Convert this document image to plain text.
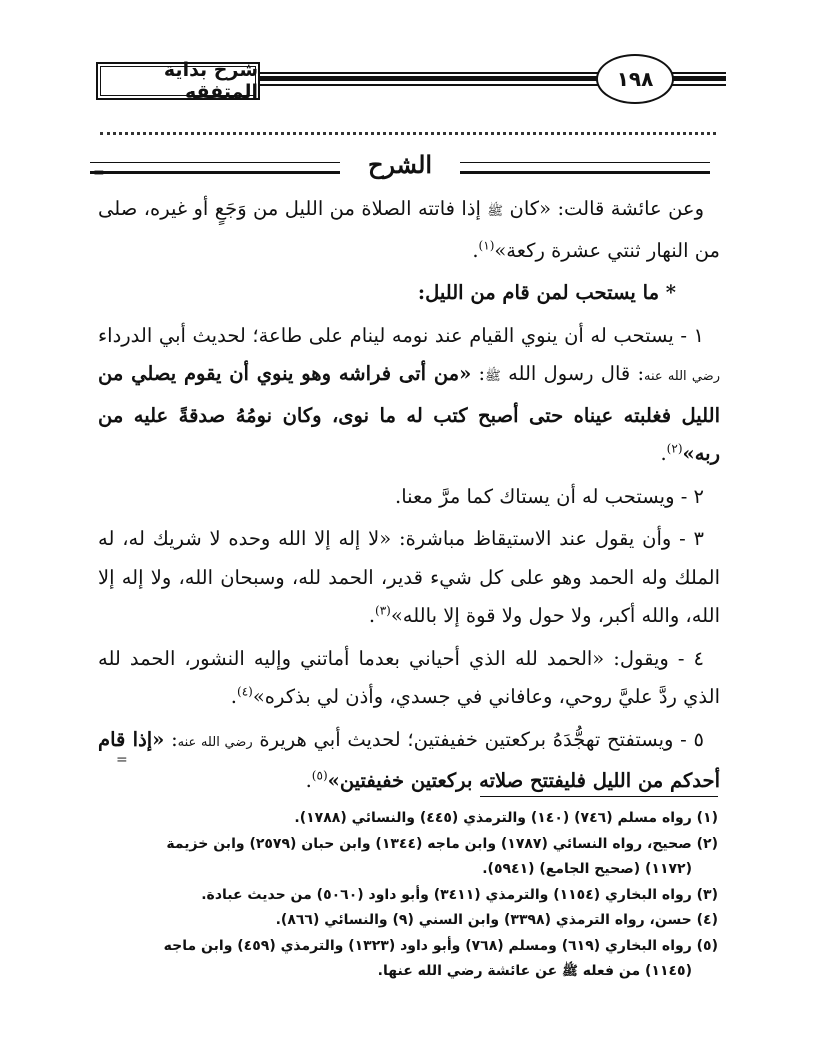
شرح بداية المتفقه
١٩٨
=	الشرح

وعن عائشة قالت: «كان ﷺ إذا فاتته الصلاة من الليل من وَجَعٍ أو غيره، صلى من النهار ثنتي عشرة ركعة»$^{(١)}$.

* ما يستحب لمن قام من الليل:

١ - يستحب له أن ينوي القيام عند نومه لينام على طاعة؛ لحديث أبي الدرداء رضي الله عنه: قال رسول الله ﷺ: «من أتى فراشه وهو ينوي أن يقوم يصلي من الليل فغلبته عيناه حتى أصبح كتب له ما نوى، وكان نومُهُ صدقةً عليه من ربه»$^{(٢)}$.

٢ - ويستحب له أن يستاك كما مرَّ معنا.

٣ - وأن يقول عند الاستيقاظ مباشرة: «لا إله إلا الله وحده لا شريك له، له الملك وله الحمد وهو على كل شيء قدير، الحمد لله، وسبحان الله، ولا إله إلا الله، والله أكبر، ولا حول ولا قوة إلا بالله»$^{(٣)}$.

٤ - ويقول: «الحمد لله الذي أحياني بعدما أماتني وإليه النشور، الحمد لله الذي ردَّ عليَّ روحي، وعافاني في جسدي، وأذن لي بذكره»$^{(٤)}$.

٥ - ويستفتح تهجُّدَهُ بركعتين خفيفتين؛ لحديث أبي هريرة رضي الله عنه: «إذا قام أحدكم من الليل فليفتتح صلاته بركعتين خفيفتين»$^{(٥)}$.

=

(١) رواه مسلم (٧٤٦) (١٤٠) والترمذي (٤٤٥) والنسائي (١٧٨٨).

(٢) صحيح، رواه النسائي (١٧٨٧) وابن ماجه (١٣٤٤) وابن حبان (٢٥٧٩) وابن خزيمة

(١١٧٢) (صحيح الجامع) (٥٩٤١).

(٣) رواه البخاري (١١٥٤) والترمذي (٣٤١١) وأبو داود (٥٠٦٠) من حديث عبادة.

(٤) حسن، رواه الترمذي (٣٣٩٨) وابن السني (٩) والنسائي (٨٦٦).

(٥) رواه البخاري (٦١٩) ومسلم (٧٦٨) وأبو داود (١٣٢٣) والترمذي (٤٥٩) وابن ماجه

(١١٤٥) من فعله ﷺ عن عائشة رضي الله عنها.
